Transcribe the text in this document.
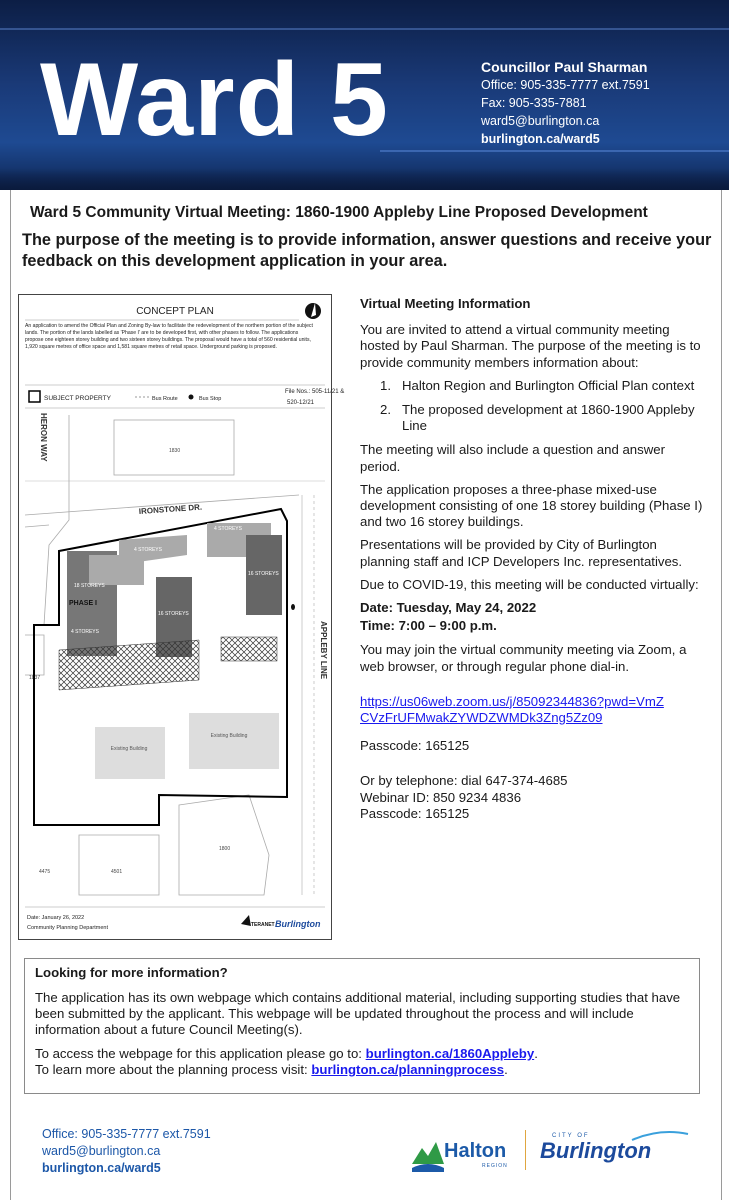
Ward 5	Councillor Paul Sharman
Office: 905-335-7777 ext.7591
Fax: 905-335-7881
ward5@burlington.ca
burlington.ca/ward5
Ward 5 Community Virtual Meeting: 1860-1900 Appleby Line Proposed Development
The purpose of the meeting is to provide information, answer questions and receive your feedback on this development application in your area.
CONCEPT PLAN
An application to amend the Official Plan and Zoning By-law to facilitate the redevelopment of the northern portion of the subject lands. The portion of the lands labelled as 'Phase I' are to be developed first, with other phases to follow. The applications propose one eighteen storey building and two sixteen storey buildings. The proposal would have a total of 560 residential units, 1,920 square metres of office space and 1,581 square metres of retail space. Underground parking is proposed.
SUBJECT PROPERTY	Bus Route	Bus Stop
File Nos.: 505-11/21 &
520-12/21
1830
1837
1800
4501
4475
HERON WAY
IRONSTONE DR.
APPLEBY LINE
18 STOREYS
PHASE I
4 STOREYS
4 STOREYS
16 STOREYS
4 STOREYS
16 STOREYS
Existing Building
Existing Building
Date: January 26, 2022
Community Planning Department	TERANET Burlington
Virtual Meeting Information

You are invited to attend a virtual community meeting hosted by Paul Sharman. The purpose of the meeting is to provide community members information about:

1. Halton Region and Burlington Official Plan context
2. The proposed development at 1860-1900 Appleby Line

The meeting will also include a question and answer period.

The application proposes a three-phase mixed-use development consisting of one 18 storey building (Phase I) and two 16 storey buildings.

Presentations will be provided by City of Burlington planning staff and ICP Developers Inc. representatives.

Due to COVID-19, this meeting will be conducted virtually:

Date: Tuesday, May 24, 2022
Time: 7:00 – 9:00 p.m.

You may join the virtual community meeting via Zoom, a web browser, or through regular phone dial-in.

https://us06web.zoom.us/j/85092344836?pwd=VmZ
CVzFrUFMwakZYWDZWMDk3Zng5Zz09

Passcode: 165125

Or by telephone: dial 647-374-4685
Webinar ID: 850 9234 4836
Passcode: 165125
Looking for more information?

The application has its own webpage which contains additional material, including supporting studies that have been submitted by the applicant. This webpage will be updated throughout the process and will include information about a future Council Meeting(s).

To access the webpage for this application please go to: burlington.ca/1860Appleby.
To learn more about the planning process visit: burlington.ca/planningprocess.
Office: 905-335-7777 ext.7591
ward5@burlington.ca
burlington.ca/ward5
Halton
REGION
CITY OF
Burlington
